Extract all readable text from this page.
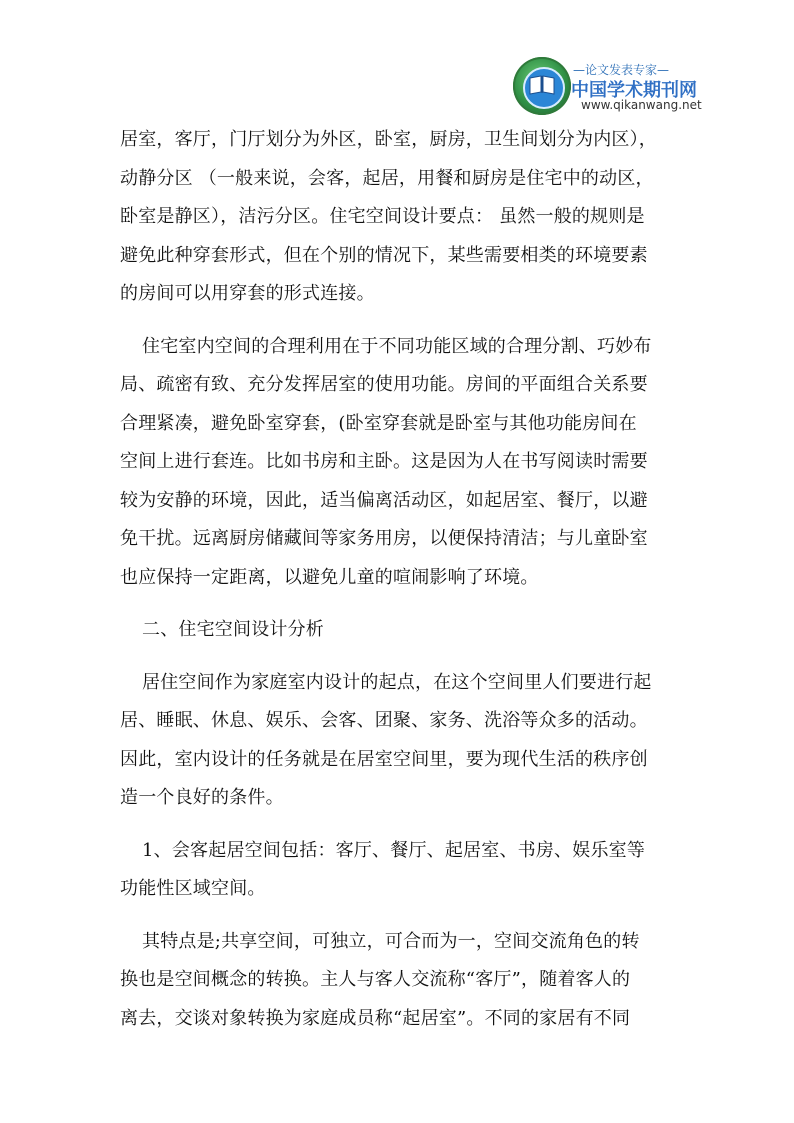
—论文发表专家—
中国学术期刊网
www.qikanwang.net
居室，客厅，门厅划分为外区，卧室，厨房，卫生间划分为内区），
动静分区 （一般来说，会客，起居，用餐和厨房是住宅中的动区，
卧室是静区），洁污分区。住宅空间设计要点： 虽然一般的规则是
避免此种穿套形式，但在个别的情况下，某些需要相类的环境要素
的房间可以用穿套的形式连接。
住宅室内空间的合理利用在于不同功能区域的合理分割、巧妙布
局、疏密有致、充分发挥居室的使用功能。房间的平面组合关系要
合理紧凑，避免卧室穿套，(卧室穿套就是卧室与其他功能房间在
空间上进行套连。比如书房和主卧。这是因为人在书写阅读时需要
较为安静的环境，因此，适当偏离活动区，如起居室、餐厅，以避
免干扰。远离厨房储藏间等家务用房，以便保持清洁；与儿童卧室
也应保持一定距离，以避免儿童的喧闹影响了环境。
二、住宅空间设计分析
居住空间作为家庭室内设计的起点，在这个空间里人们要进行起
居、睡眠、休息、娱乐、会客、团聚、家务、洗浴等众多的活动。
因此，室内设计的任务就是在居室空间里，要为现代生活的秩序创
造一个良好的条件。
1、会客起居空间包括：客厅、餐厅、起居室、书房、娱乐室等
功能性区域空间。
其特点是;共享空间，可独立，可合而为一，空间交流角色的转
换也是空间概念的转换。主人与客人交流称“客厅”，随着客人的
离去，交谈对象转换为家庭成员称“起居室”。不同的家居有不同
